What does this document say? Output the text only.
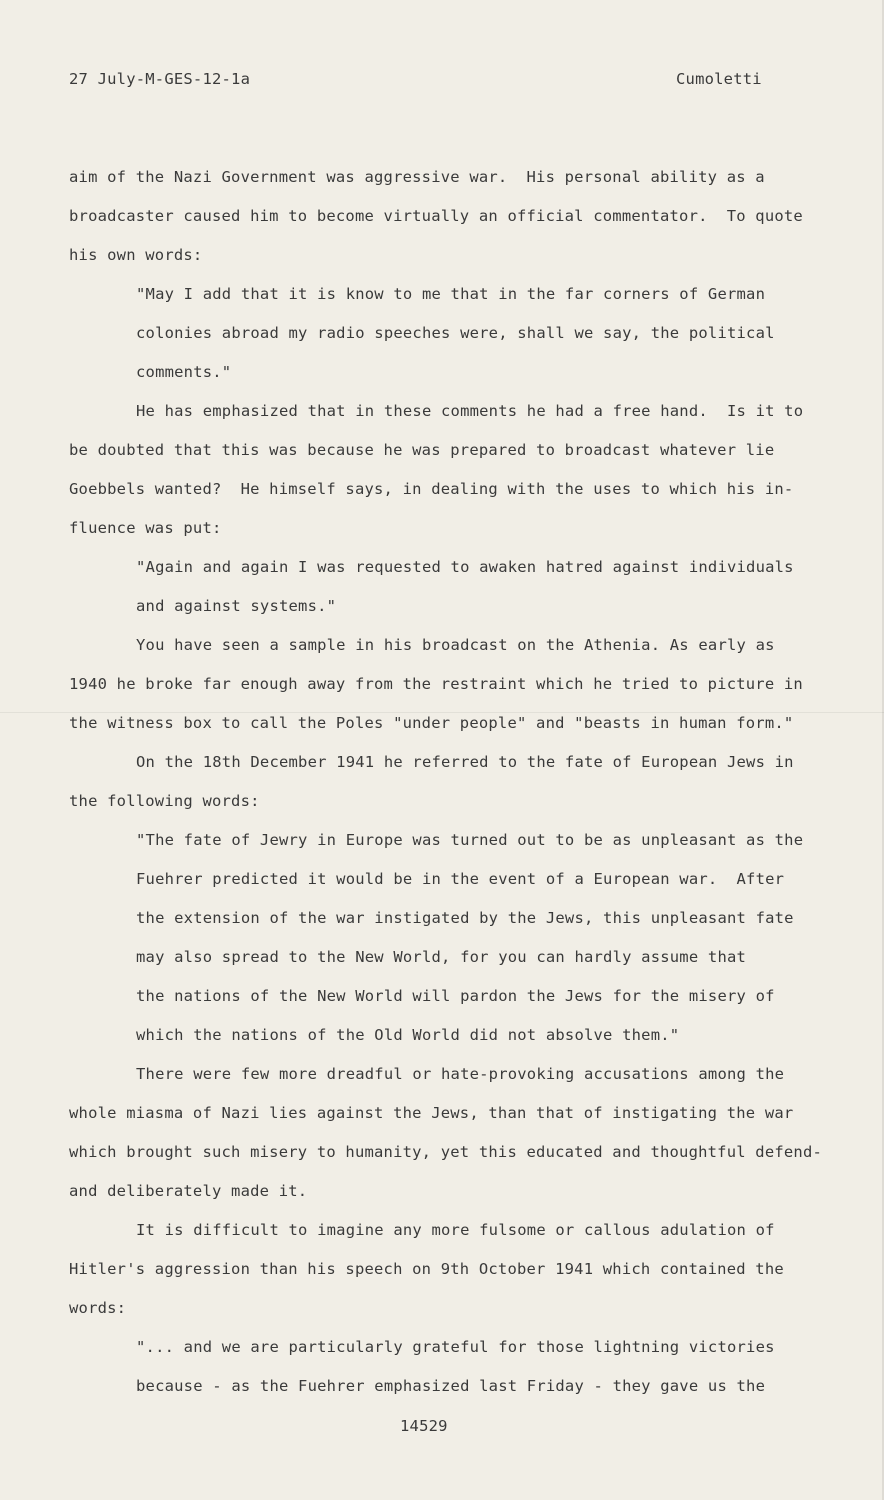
27 July-M-GES-12-1a	Cumoletti
aim of the Nazi Government was aggressive war.  His personal ability as a
broadcaster caused him to become virtually an official commentator.  To quote
his own words:
"May I add that it is know to me that in the far corners of German
colonies abroad my radio speeches were, shall we say, the political
comments."
He has emphasized that in these comments he had a free hand.  Is it to
be doubted that this was because he was prepared to broadcast whatever lie
Goebbels wanted?  He himself says, in dealing with the uses to which his in-
fluence was put:
"Again and again I was requested to awaken hatred against individuals
and against systems."
You have seen a sample in his broadcast on the Athenia. As early as
1940 he broke far enough away from the restraint which he tried to picture in
the witness box to call the Poles "under people" and "beasts in human form."
On the 18th December 1941 he referred to the fate of European Jews in
the following words:
"The fate of Jewry in Europe was turned out to be as unpleasant as the
Fuehrer predicted it would be in the event of a European war.  After
the extension of the war instigated by the Jews, this unpleasant fate
may also spread to the New World, for you can hardly assume that
the nations of the New World will pardon the Jews for the misery of
which the nations of the Old World did not absolve them."
There were few more dreadful or hate-provoking accusations among the
whole miasma of Nazi lies against the Jews, than that of instigating the war
which brought such misery to humanity, yet this educated and thoughtful defend-
and deliberately made it.
It is difficult to imagine any more fulsome or callous adulation of
Hitler's aggression than his speech on 9th October 1941 which contained the
words:
"... and we are particularly grateful for those lightning victories
because - as the Fuehrer emphasized last Friday - they gave us the
14529
